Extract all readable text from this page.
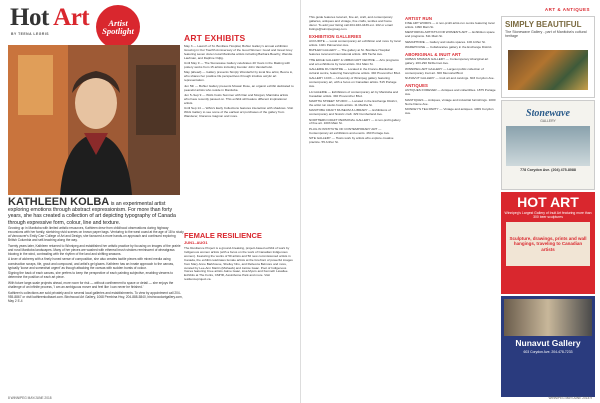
Hot Art
BY TEENA LEGRIS
Artist
Spotlight
ART EXHIBITS
May 3 — Launch of St. Boniface Hospital, Buhler Gallery's annual exhibition Growing in Our Twelfth Anniversary of the Good Women: Good and Great Grey featuring seven dozen local Manitoba artists including Barbara Beachy, Wendie Laufman, and Daphne Odjig.
Until May 9 — The Stonewave Gallery celebrates 40 Years in the Making with pottery works from 15 artists including founder John Vanderhulst.
May (ahead) — Gallery presents Simply Wonderful by local fine artist, Becca Li, who shares her positive life perspectives through intuitive acrylic art representation.
Jun 5th — Buhler Gallery presents Mosaic Rose, an organic exhibit dedicated to peaceful artists who reside in Manitoba.
Jun 5–Sep 9 — WAG hosts Summer with Dan and Morgan; Manitoba artists who have recently passed on. This exhibit will feature different inspirational artists.
Until Sep 14 — WAG's Early Collections features interaction with shadows. Visit WAG Gallery to see some of the earliest art purchases of the gallery from Wanderer, Clarence Gagnon and more.

KATHLEEN KOLBA is an experimental artist exploring emotions through abstract expressionism. For more than forty years, she has created a collection of art depicting typography of Canada through expressive form, colour, line and texture.

Growing up in Manitoba with limited artistic resources, Kathleen drew from childhood observations during highway excursions with her family, sketching vivid scenes on brown paper bags. Venturing to the west coast at the age of 18 to study at Vancouver's Emily Carr College of Art and Design, she favoured a more hands-on approach and continued exploring British Columbia and self-teaching along the way.

Twenty years later, Kathleen returned to Winnipeg and established her artistic practice by focusing on images of the prairie and rural Manitoba landscapes. Many of her pieces are washed with ethereal brush strokes reminiscent of wheatgrass blowing in the wind, contrasting with the rhythm of the land and shifting seasons.

A lover of alchemy with a finely honed sense of composition, she also creates tactile pieces with mixed media using construction scraps, tile, grout and compound, and artist's gel glazes. Kathleen has an innate approach to the canvas, typically 'loose and somewhat urgent' as though attacking the canvas with sudden bursts of colour.

Signing the back of each canvas, she prefers to keep the perspective of each painting subjective, enabling viewers to determine the position of each art piece.

With future large-scale projects ahead, more room for risk — without confinement to space or detail — she enjoys the challenge of an infinite process, 'I am an ambiguous mover and feel like I can never be finished.'

Kathleen's collections are sold privately and in several local galleries and establishments. To view by appointment call 204-955-8867 or visit kathleenkolbaart.com. Birchwood Art Gallery, 1068 Pembina Hwy, 204-888-5840, birchwoodartgallery.com, May 2 E-4

FEMALE RESILIENCE
JUN1–AUG1
The Resilience Project is a ground-breaking, project-based exhibit of work by Indigenous women artists (with a focus on the work of Canadian Indigenous women). Featuring the works of 50 artists and 50 new commissioned artists in Canada, the exhibit celebrates female artists at the forefront of powerful images from Mary Anne Barkhouse, Shelley Niro, and Rebecca Belmore and more, curated by Lee-Ann Martin (Mohawk) and Jaimie Isaac. Pool of Indigenous Voices featuring Cree artists Jaime Isaac, Lisa Myers and Kenneth Lavallee. Exhibits at The Forks, CMHR, Assiniboine Park and more. Visit resilienceproject.ca.
8 WINNIPEG MAY/JUNE 2018
ART & ANTIQUES
This guide features local art, fine art, craft, and contemporary galleries, antiques and vintage, fine crafts, textiles and home décor. To add your listing call 204-943-4439 ext. 102 or email listings@winnipegmag.com.
EXHIBITION GALLERIES
ACCURITE — Local contemporary art exhibition and more by local artists. 1021 Palmerston Ave.
BUHLER GALLERY — The gallery at St. Boniface Hospital features local and international artists. 409 Taché Ave.
THE EDGE GALLERY & URBAN ART CENTRE — Arts programs and art exhibitions by local artists. 611 Main St.
GALLERIE DU CENTRE — Located in the Franco-Manitoban cultural centre, featuring francophone artists. 340 Provencher Blvd.
GALLERY 1C03 — University of Winnipeg gallery featuring contemporary art, with a focus on Canadian artists. 515 Portage Ave.
LA GALERIE — Exhibitions of contemporary art by Manitoba and Canadian artists. 340 Provencher Blvd.
MARTHA STREET STUDIO — Located in the Exchange District, the artist run studio hosts artists. 11 Martha St.
MANITOBA CRAFT MUSEUM & LIBRARY — Exhibitions of contemporary and historic craft. 329 Cumberland Ave.
NORTHERN CRAFT PERSONAL GALLERY — A non-profit gallery of fine art. 1003 Main St.
PLUG IN INSTITUTE OF CONTEMPORARY ART — Contemporary art exhibitions and events. 460 Portage Ave.
SITE GALLERY — Hosts work by artists who explore creative practice. 55 Arthur St.
ARTIST RUN
FINE ART WORKS — A non-profit artist-run centre featuring local artists. 1090 Main St.
MENTORING ARTISTS FOR WOMEN'S ART — Exhibition space and programs. 611 Main St.
SEMAPHORE — Gallery and studio spaces. 100 Arthur St.
WAREHOUSE — Collaborative gallery in the Exchange District.
ABORIGINAL & INUIT ART
URBAN SHAMAN GALLERY — Contemporary Aboriginal art gallery. 203-290 McDermot Ave.
WINNIPEG ART GALLERY — Largest public collection of contemporary Inuit art. 300 Memorial Blvd.
NUNAVUT GALLERY — Inuit art and carvings. 603 Corydon Ave.
ANTIQUES
ANTIQUES FOREVER — Antiques and collectibles. 1875 Portage Ave.
MANTIQUES — Antiques, vintage and industrial furnishings. 1000 Notre Dame Ave.
MONKEY'S TEA PARTY — Vintage and antiques. 1009 Corydon Ave.
SIMPLY BEAUTIFUL
The Stonewave Gallery - part of Manitoba's cultural heritage
Stonewave
GALLERY
778 Corydon Ave. (204) 475-8088
HOT ART
Winnipeg's Largest Gallery of Inuit Art featuring more than 300 beer sculptures
Sculpture, drawings, prints and wall hangings, traveling to Canadian artists
Nunavut Gallery
603 Corydon Ave. 204-478-7233
WINNIPEG MAY/JUNE 2018 9
